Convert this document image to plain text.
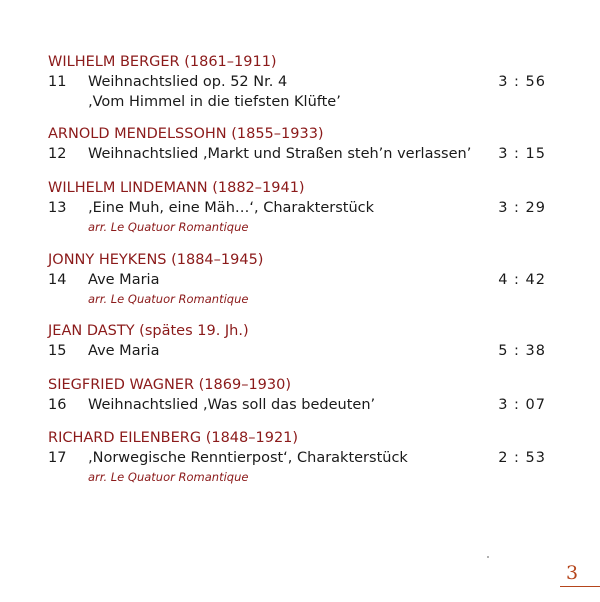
WILHELM BERGER (1861–1911)
11 Weihnachtslied op. 52 Nr. 4	3 : 56
‚Vom Himmel in die tiefsten Klüfte’
ARNOLD MENDELSSOHN (1855–1933)
12 Weihnachtslied ‚Markt und Straßen steh’n verlassen’ 3 : 15
WILHELM LINDEMANN (1882–1941)
13 ‚Eine Muh, eine Mäh…‘, Charakterstück	3 : 29
arr. Le Quatuor Romantique
JONNY HEYKENS (1884–1945)
14 Ave Maria	4 : 42
arr. Le Quatuor Romantique
JEAN DASTY (spätes 19. Jh.)
15 Ave Maria	5 : 38
SIEGFRIED WAGNER (1869–1930)
16 Weihnachtslied ‚Was soll das bedeuten’	3 : 07
RICHARD EILENBERG (1848–1921)
17 ‚Norwegische Renntierpost‘, Charakterstück	2 : 53
arr. Le Quatuor Romantique
3
